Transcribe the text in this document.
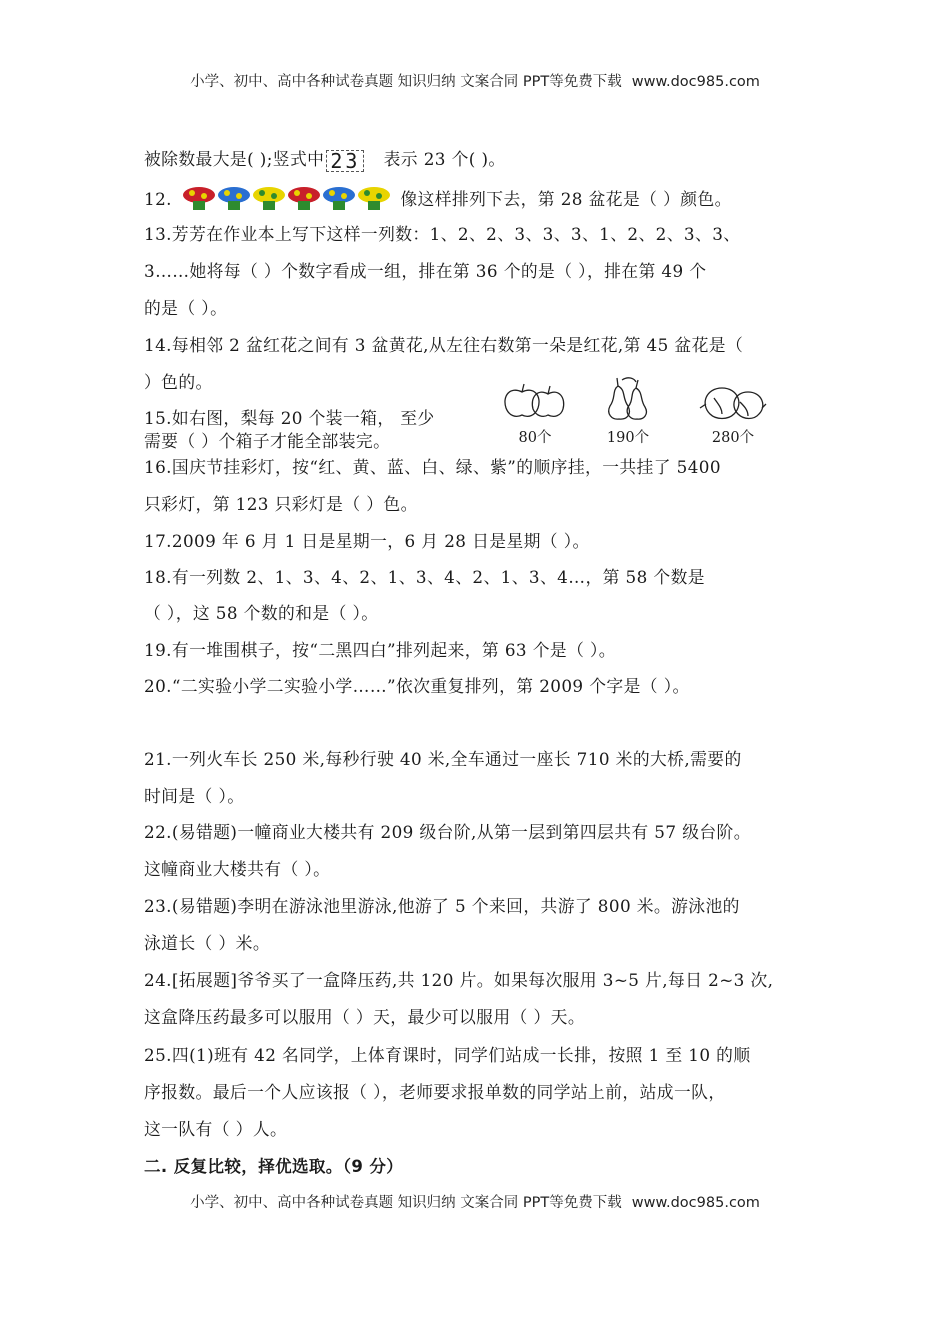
小学、初中、高中各种试卷真题 知识归纳 文案合同 PPT等免费下载 www.doc985.com
被除数最大是( );竖式中 23 表示 23 个( )。
12.	像这样排列下去，第 28 盆花是（ ）颜色。
13.芳芳在作业本上写下这样一列数：1、2、2、3、3、3、1、2、2、3、3、
3……她将每（ ）个数字看成一组，排在第 36 个的是（ ），排在第 49 个
的是（ ）。
14.每相邻 2 盆红花之间有 3 盆黄花,从左往右数第一朵是红花,第 45 盆花是（
）色的。
15.如右图，梨每 20 个装一箱， 至少
需要（ ）个箱子才能全部装完。	80个	190个	280个
16.国庆节挂彩灯，按“红、黄、蓝、白、绿、紫”的顺序挂，一共挂了 5400
只彩灯，第 123 只彩灯是（ ）色。
17.2009 年 6 月 1 日是星期一，6 月 28 日是星期（ ）。
18.有一列数 2、1、3、4、2、1、3、4、2、1、3、4…，第 58 个数是
（ ），这 58 个数的和是（ ）。
19.有一堆围棋子，按“二黑四白”排列起来，第 63 个是（ ）。
20.“二实验小学二实验小学……”依次重复排列，第 2009 个字是（ ）。
21.一列火车长 250 米,每秒行驶 40 米,全车通过一座长 710 米的大桥,需要的
时间是（ ）。
22.(易错题)一幢商业大楼共有 209 级台阶,从第一层到第四层共有 57 级台阶。
这幢商业大楼共有（ ）。
23.(易错题)李明在游泳池里游泳,他游了 5 个来回，共游了 800 米。游泳池的
泳道长（ ）米。
24.[拓展题]爷爷买了一盒降压药,共 120 片。如果每次服用 3~5 片,每日 2~3 次,
这盒降压药最多可以服用（ ）天，最少可以服用（ ）天。
25.四(1)班有 42 名同学，上体育课时，同学们站成一长排，按照 1 至 10 的顺
序报数。最后一个人应该报（ ），老师要求报单数的同学站上前，站成一队，
这一队有（ ）人。
二. 反复比较，择优选取。（9 分）
小学、初中、高中各种试卷真题 知识归纳 文案合同 PPT等免费下载 www.doc985.com
